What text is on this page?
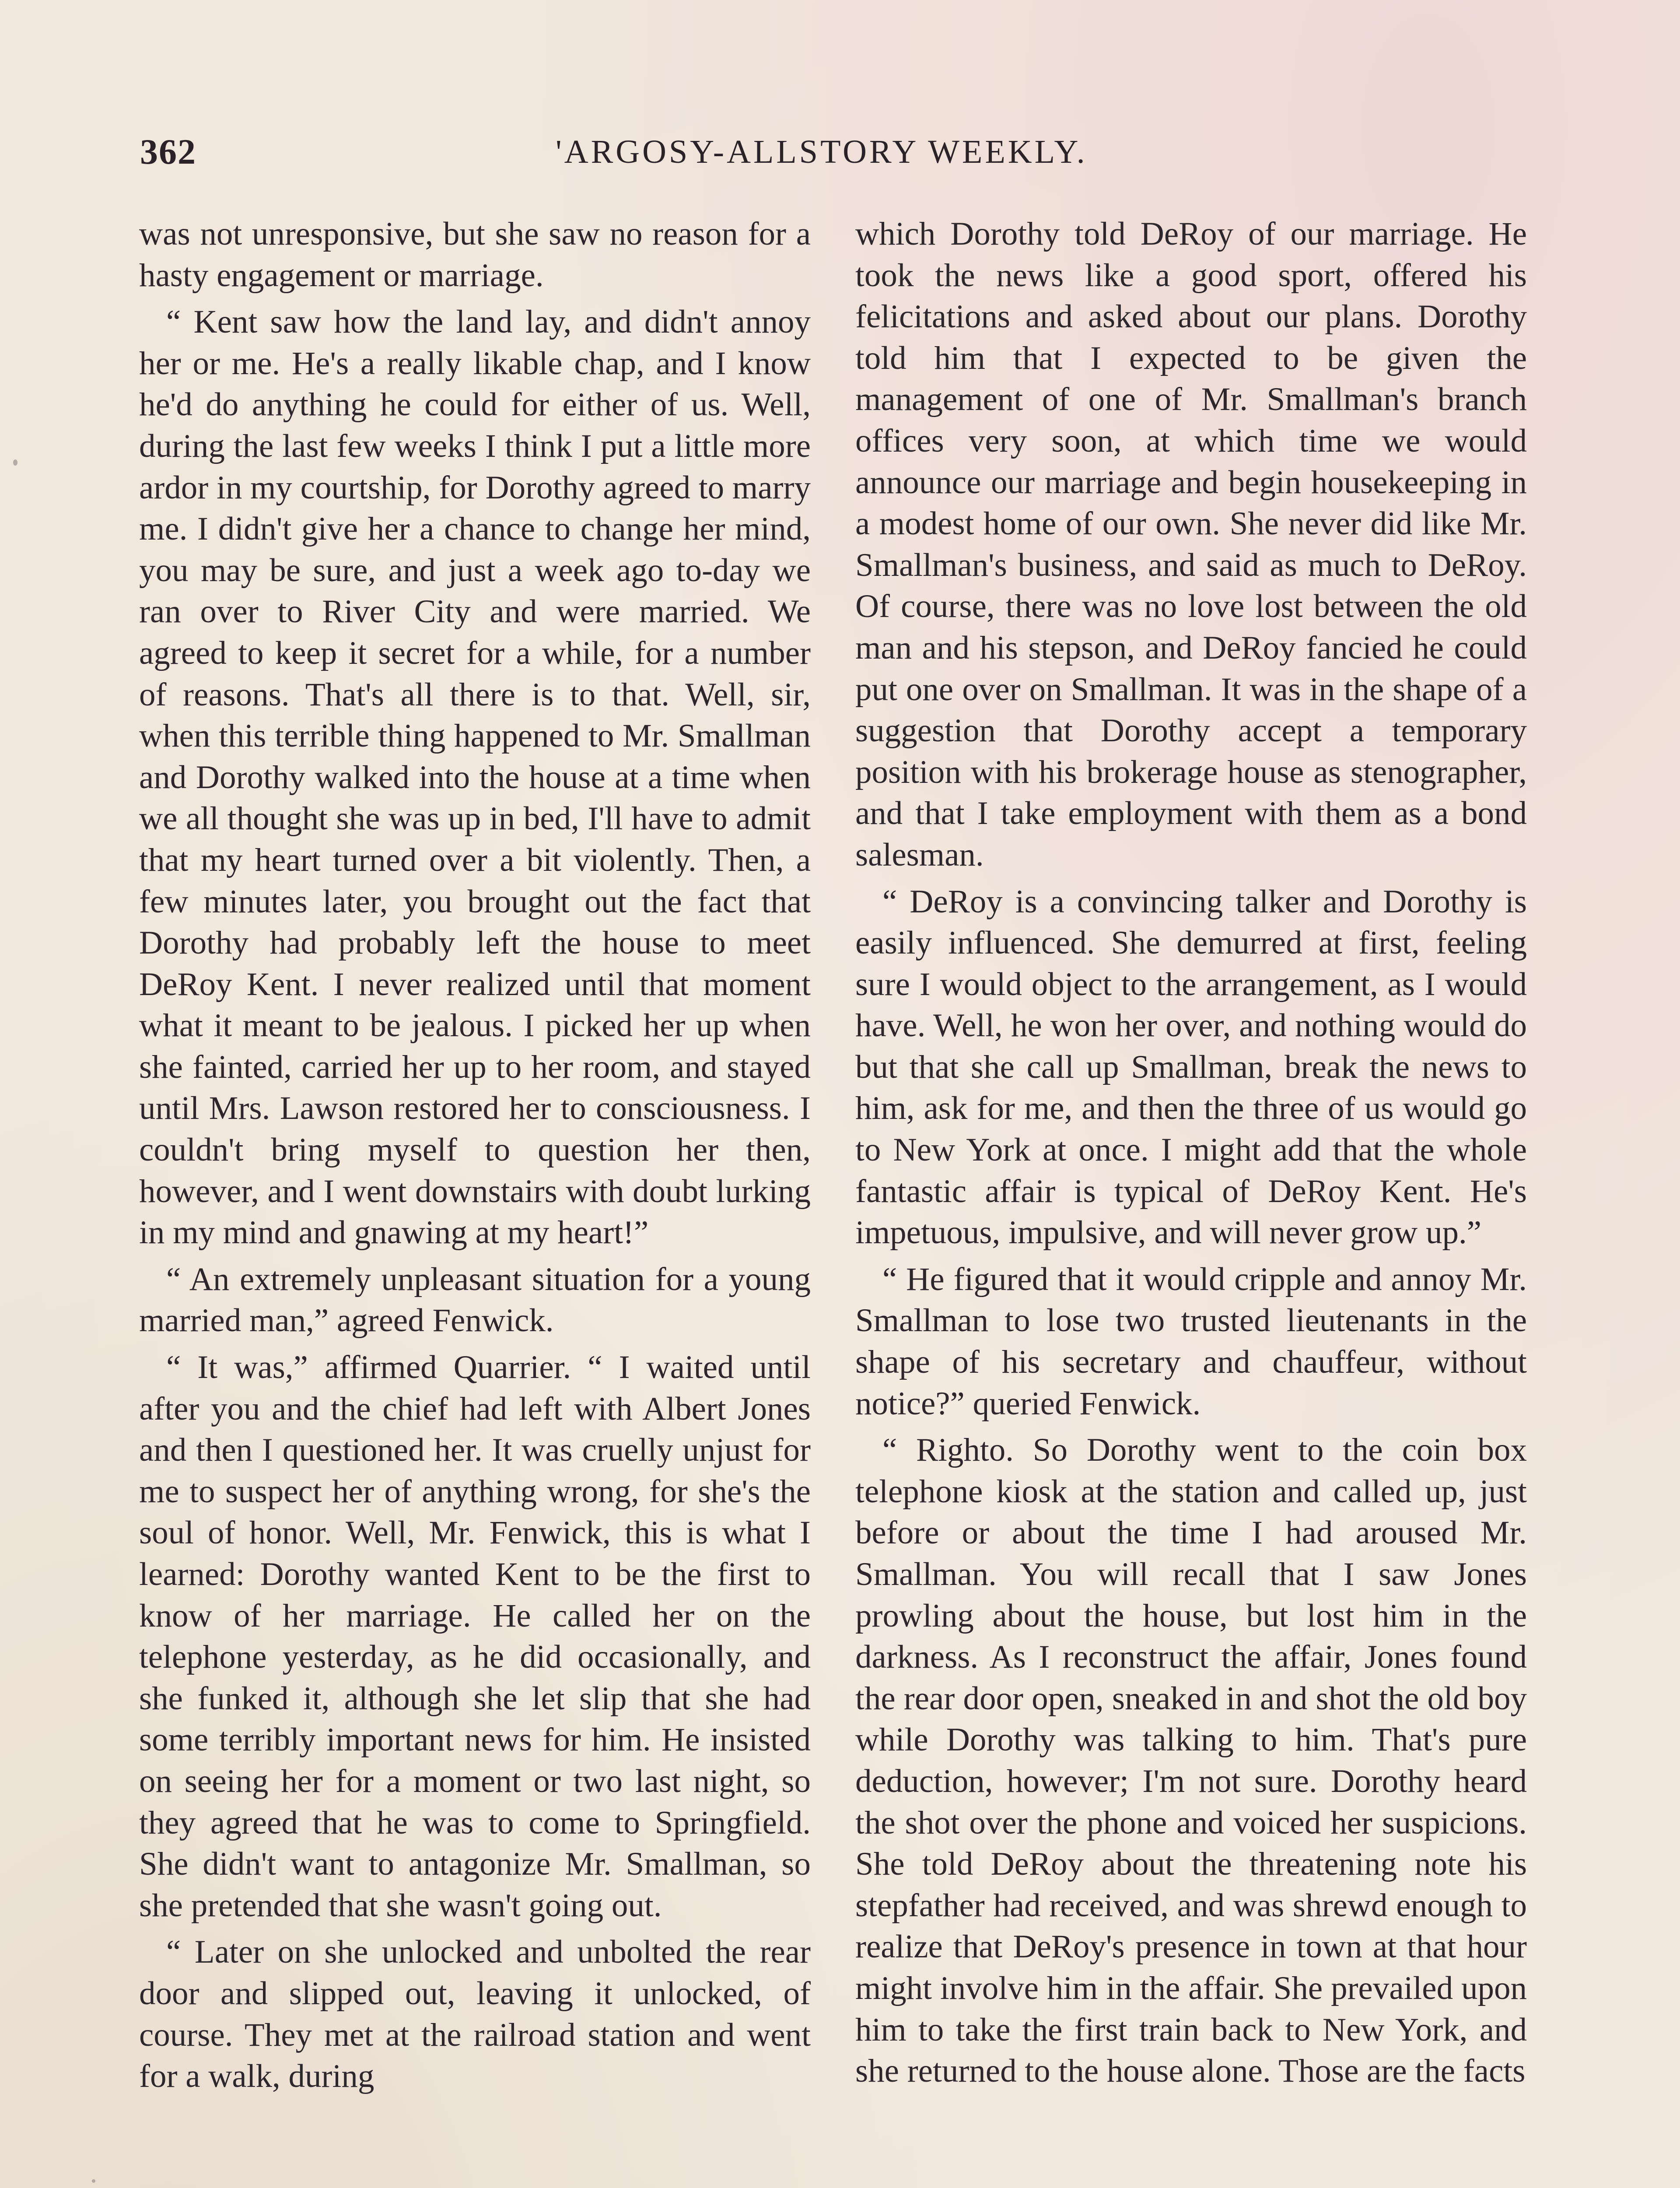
362	'ARGOSY-ALLSTORY WEEKLY.

was not unresponsive, but she saw no reason for a hasty engagement or marriage.

“ Kent saw how the land lay, and didn't annoy her or me. He's a really likable chap, and I know he'd do anything he could for either of us. Well, during the last few weeks I think I put a little more ardor in my courtship, for Dorothy agreed to marry me. I didn't give her a chance to change her mind, you may be sure, and just a week ago to-day we ran over to River City and were married. We agreed to keep it secret for a while, for a number of reasons. That's all there is to that. Well, sir, when this terrible thing happened to Mr. Smallman and Dorothy walked into the house at a time when we all thought she was up in bed, I'll have to admit that my heart turned over a bit violently. Then, a few minutes later, you brought out the fact that Dorothy had probably left the house to meet DeRoy Kent. I never realized until that moment what it meant to be jealous. I picked her up when she fainted, carried her up to her room, and stayed until Mrs. Lawson restored her to consciousness. I couldn't bring myself to question her then, however, and I went downstairs with doubt lurking in my mind and gnawing at my heart!”

“ An extremely unpleasant situation for a young married man,” agreed Fenwick.

“ It was,” affirmed Quarrier. “ I waited until after you and the chief had left with Albert Jones and then I questioned her. It was cruelly unjust for me to suspect her of anything wrong, for she's the soul of honor. Well, Mr. Fenwick, this is what I learned: Dorothy wanted Kent to be the first to know of her marriage. He called her on the telephone yesterday, as he did occasionally, and she funked it, although she let slip that she had some terribly important news for him. He insisted on seeing her for a moment or two last night, so they agreed that he was to come to Springfield. She didn't want to antagonize Mr. Smallman, so she pretended that she wasn't going out.

“ Later on she unlocked and unbolted the rear door and slipped out, leaving it unlocked, of course. They met at the railroad station and went for a walk, during

which Dorothy told DeRoy of our marriage. He took the news like a good sport, offered his felicitations and asked about our plans. Dorothy told him that I expected to be given the management of one of Mr. Smallman's branch offices very soon, at which time we would announce our marriage and begin housekeeping in a modest home of our own. She never did like Mr. Smallman's business, and said as much to DeRoy. Of course, there was no love lost between the old man and his stepson, and DeRoy fancied he could put one over on Smallman. It was in the shape of a suggestion that Dorothy accept a temporary position with his brokerage house as stenographer, and that I take employment with them as a bond salesman.

“ DeRoy is a convincing talker and Dorothy is easily influenced. She demurred at first, feeling sure I would object to the arrangement, as I would have. Well, he won her over, and nothing would do but that she call up Smallman, break the news to him, ask for me, and then the three of us would go to New York at once. I might add that the whole fantastic affair is typical of DeRoy Kent. He's impetuous, impulsive, and will never grow up.”

“ He figured that it would cripple and annoy Mr. Smallman to lose two trusted lieutenants in the shape of his secretary and chauffeur, without notice?” queried Fenwick.

“ Righto. So Dorothy went to the coin box telephone kiosk at the station and called up, just before or about the time I had aroused Mr. Smallman. You will recall that I saw Jones prowling about the house, but lost him in the darkness. As I reconstruct the affair, Jones found the rear door open, sneaked in and shot the old boy while Dorothy was talking to him. That's pure deduction, however; I'm not sure. Dorothy heard the shot over the phone and voiced her suspicions. She told DeRoy about the threatening note his stepfather had received, and was shrewd enough to realize that DeRoy's presence in town at that hour might involve him in the affair. She prevailed upon him to take the first train back to New York, and she returned to the house alone. Those are the facts
